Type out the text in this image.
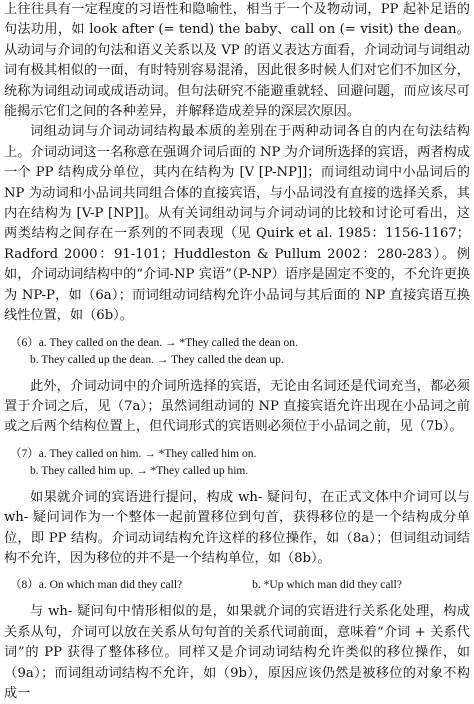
上往往具有一定程度的习语性和隐喻性，相当于一个及物动词，PP 起补足语的句法功用，如 look after (= tend) the baby、call on (= visit) the dean。从动词与介词的句法和语义关系以及 VP 的语义表达方面看，介词动词与词组动词有极其相似的一面，有时特别容易混淆，因此很多时候人们对它们不加区分，统称为词组动词或成语动词。但句法研究不能避重就轻、回避问题，而应该尽可能揭示它们之间的各种差异，并解释造成差异的深层次原因。

词组动词与介词动词结构最本质的差别在于两种动词各自的内在句法结构上。介词动词这一名称意在强调介词后面的 NP 为介词所选择的宾语，两者构成一个 PP 结构成分单位，其内在结构为 [V [P-NP]]；而词组动词中小品词后的 NP 为动词和小品词共同组合体的直接宾语，与小品词没有直接的选择关系，其内在结构为 [V-P [NP]]。从有关词组动词与介词动词的比较和讨论可看出，这两类结构之间存在一系列的不同表现（见 Quirk et al. 1985：1156-1167；Radford 2000：91-101；Huddleston & Pullum 2002：280-283）。例如，介词动词结构中的“介词-NP 宾语”（P-NP）语序是固定不变的，不允许更换为 NP-P，如（6a）；而词组动词结构允许小品词与其后面的 NP 直接宾语互换线性位置，如（6b）。

（6）a. They called on the dean. → *They called the dean on.
b. They called up the dean. → They called the dean up.

此外，介词动词中的介词所选择的宾语，无论由名词还是代词充当，都必须置于介词之后，见（7a）；虽然词组动词的 NP 直接宾语允许出现在小品词之前或之后两个结构位置上，但代词形式的宾语则必须位于小品词之前，见（7b）。

（7）a. They called on him. → *They called him on.
b. They called him up. → *They called up him.

如果就介词的宾语进行提问，构成 wh- 疑问句，在正式文体中介词可以与 wh- 疑问词作为一个整体一起前置移位到句首，获得移位的是一个结构成分单位，即 PP 结构。介词动词结构允许这样的移位操作，如（8a）；但词组动词结构不允许，因为移位的并不是一个结构单位，如（8b）。

（8）a. On which man did they call?	b. *Up which man did they call?

与 wh- 疑问句中情形相似的是，如果就介词的宾语进行关系化处理，构成关系从句，介词可以放在关系从句句首的关系代词前面，意味着“介词 + 关系代词”的 PP 获得了整体移位。同样又是介词动词结构允许类似的移位操作，如（9a）；而词组动词结构不允许，如（9b），原因应该仍然是被移位的对象不构成一
